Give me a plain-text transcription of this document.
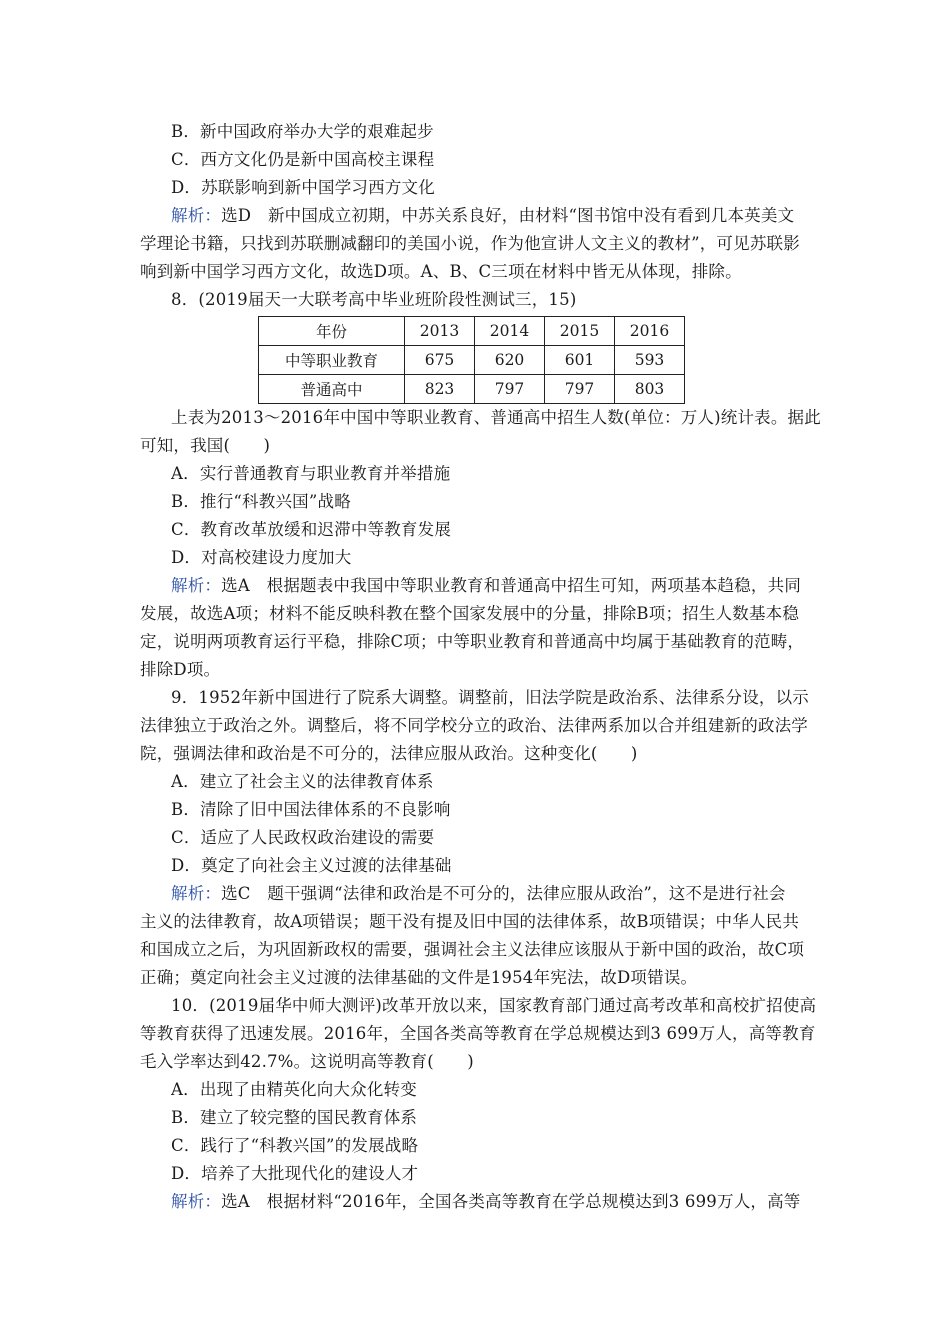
B．新中国政府举办大学的艰难起步
C．西方文化仍是新中国高校主课程
D．苏联影响到新中国学习西方文化
解析：选D　新中国成立初期，中苏关系良好，由材料“图书馆中没有看到几本英美文
学理论书籍，只找到苏联删减翻印的美国小说，作为他宣讲人文主义的教材”，可见苏联影
响到新中国学习西方文化，故选D项。A、B、C三项在材料中皆无从体现，排除。
8．(2019届天一大联考高中毕业班阶段性测试三，15)
年份	2013	2014	2015	2016
中等职业教育	675	620	601	593
普通高中	823	797	797	803
上表为2013～2016年中国中等职业教育、普通高中招生人数(单位：万人)统计表。据此
可知，我国(　　)
A．实行普通教育与职业教育并举措施
B．推行“科教兴国”战略
C．教育改革放缓和迟滞中等教育发展
D．对高校建设力度加大
解析：选A　根据题表中我国中等职业教育和普通高中招生可知，两项基本趋稳，共同
发展，故选A项；材料不能反映科教在整个国家发展中的分量，排除B项；招生人数基本稳
定，说明两项教育运行平稳，排除C项；中等职业教育和普通高中均属于基础教育的范畴，
排除D项。
9．1952年新中国进行了院系大调整。调整前，旧法学院是政治系、法律系分设，以示
法律独立于政治之外。调整后，将不同学校分立的政治、法律两系加以合并组建新的政法学
院，强调法律和政治是不可分的，法律应服从政治。这种变化(　　)
A．建立了社会主义的法律教育体系
B．清除了旧中国法律体系的不良影响
C．适应了人民政权政治建设的需要
D．奠定了向社会主义过渡的法律基础
解析：选C　题干强调“法律和政治是不可分的，法律应服从政治”，这不是进行社会
主义的法律教育，故A项错误；题干没有提及旧中国的法律体系，故B项错误；中华人民共
和国成立之后，为巩固新政权的需要，强调社会主义法律应该服从于新中国的政治，故C项
正确；奠定向社会主义过渡的法律基础的文件是1954年宪法，故D项错误。
10．(2019届华中师大测评)改革开放以来，国家教育部门通过高考改革和高校扩招使高
等教育获得了迅速发展。2016年，全国各类高等教育在学总规模达到3 699万人，高等教育
毛入学率达到42.7%。这说明高等教育(　　)
A．出现了由精英化向大众化转变
B．建立了较完整的国民教育体系
C．践行了“科教兴国”的发展战略
D．培养了大批现代化的建设人才
解析：选A　根据材料“2016年，全国各类高等教育在学总规模达到3 699万人，高等
